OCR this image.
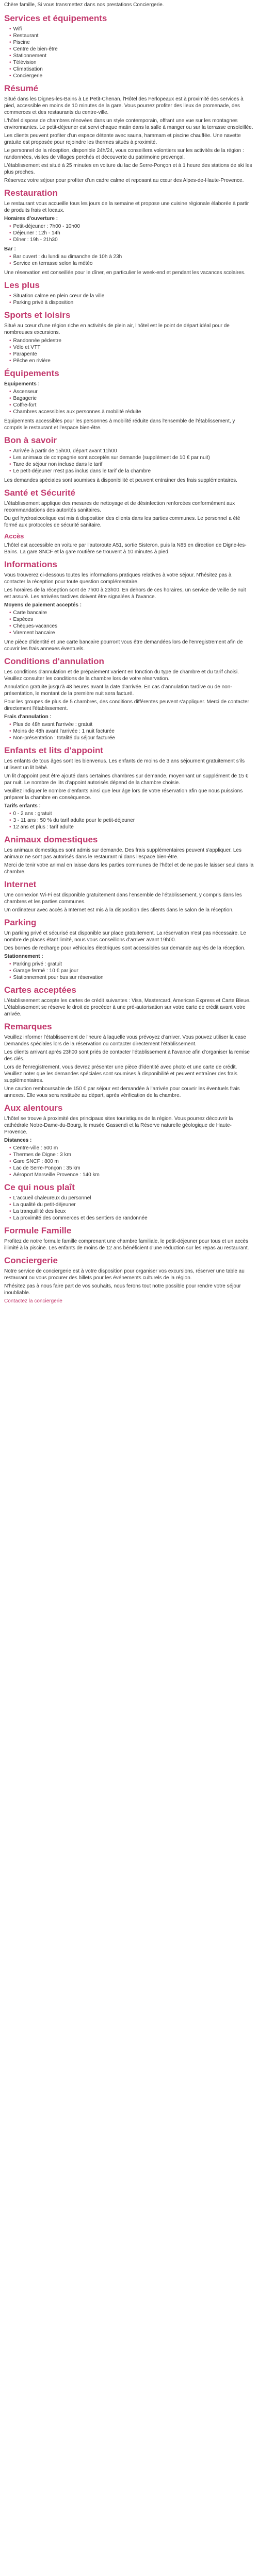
Chère famille, Si vous transmettez dans nos prestations Conciergerie.

Services et équipements
• Wifi
• Restaurant
• Piscine
• Centre de bien-être
• Stationnement
• Télévision
• Climatisation
• Conciergerie
Résumé

Situé dans les Dignes-les-Bains à Le Petit-Chenan, l'Hôtel des Ferlopeaux est à proximité des services à pied, accessible en moins de 10 minutes de la gare. Vous pourrez profiter des lieux de promenade, des commerces et des restaurants du centre-ville.

L'hôtel dispose de chambres rénovées dans un style contemporain, offrant une vue sur les montagnes environnantes. Le petit-déjeuner est servi chaque matin dans la salle à manger ou sur la terrasse ensoleillée.

Les clients peuvent profiter d'un espace détente avec sauna, hammam et piscine chauffée. Une navette gratuite est proposée pour rejoindre les thermes situés à proximité.

Le personnel de la réception, disponible 24h/24, vous conseillera volontiers sur les activités de la région : randonnées, visites de villages perchés et découverte du patrimoine provençal.

L'établissement est situé à 25 minutes en voiture du lac de Serre-Ponçon et à 1 heure des stations de ski les plus proches.

Réservez votre séjour pour profiter d'un cadre calme et reposant au cœur des Alpes-de-Haute-Provence.

Restauration

Le restaurant vous accueille tous les jours de la semaine et propose une cuisine régionale élaborée à partir de produits frais et locaux.

Horaires d'ouverture :
• Petit-déjeuner : 7h00 - 10h00
• Déjeuner : 12h - 14h
• Dîner : 19h - 21h30
Bar :
• Bar ouvert : du lundi au dimanche de 10h à 23h
• Service en terrasse selon la météo

Une réservation est conseillée pour le dîner, en particulier le week-end et pendant les vacances scolaires.

Les plus
• Situation calme en plein cœur de la ville
• Parking privé à disposition
Sports et loisirs

Situé au cœur d'une région riche en activités de plein air, l'hôtel est le point de départ idéal pour de nombreuses excursions.

• Randonnée pédestre
• Vélo et VTT
• Parapente
• Pêche en rivière
Équipements
Équipements :
• Ascenseur
• Bagagerie
• Coffre-fort
• Chambres accessibles aux personnes à mobilité réduite

Équipements accessibles pour les personnes à mobilité réduite dans l'ensemble de l'établissement, y compris le restaurant et l'espace bien-être.

Bon à savoir
• Arrivée à partir de 15h00, départ avant 11h00
• Les animaux de compagnie sont acceptés sur demande (supplément de 10 € par nuit)
• Taxe de séjour non incluse dans le tarif
• Le petit-déjeuner n'est pas inclus dans le tarif de la chambre

Les demandes spéciales sont soumises à disponibilité et peuvent entraîner des frais supplémentaires.

Santé et Sécurité

L'établissement applique des mesures de nettoyage et de désinfection renforcées conformément aux recommandations des autorités sanitaires.

Du gel hydroalcoolique est mis à disposition des clients dans les parties communes. Le personnel a été formé aux protocoles de sécurité sanitaire.

Accès

L'hôtel est accessible en voiture par l'autoroute A51, sortie Sisteron, puis la N85 en direction de Digne-les-Bains. La gare SNCF et la gare routière se trouvent à 10 minutes à pied.

Informations

Vous trouverez ci-dessous toutes les informations pratiques relatives à votre séjour. N'hésitez pas à contacter la réception pour toute question complémentaire.

Les horaires de la réception sont de 7h00 à 23h00. En dehors de ces horaires, un service de veille de nuit est assuré. Les arrivées tardives doivent être signalées à l'avance.

Moyens de paiement acceptés :
• Carte bancaire
• Espèces
• Chèques-vacances
• Virement bancaire

Une pièce d'identité et une carte bancaire pourront vous être demandées lors de l'enregistrement afin de couvrir les frais annexes éventuels.

Conditions d'annulation

Les conditions d'annulation et de prépaiement varient en fonction du type de chambre et du tarif choisi. Veuillez consulter les conditions de la chambre lors de votre réservation.

Annulation gratuite jusqu'à 48 heures avant la date d'arrivée. En cas d'annulation tardive ou de non-présentation, le montant de la première nuit sera facturé.

Pour les groupes de plus de 5 chambres, des conditions différentes peuvent s'appliquer. Merci de contacter directement l'établissement.

Frais d'annulation :
• Plus de 48h avant l'arrivée : gratuit
• Moins de 48h avant l'arrivée : 1 nuit facturée
• Non-présentation : totalité du séjour facturée
Enfants et lits d'appoint

Les enfants de tous âges sont les bienvenus. Les enfants de moins de 3 ans séjournent gratuitement s'ils utilisent un lit bébé.

Un lit d'appoint peut être ajouté dans certaines chambres sur demande, moyennant un supplément de 15 € par nuit. Le nombre de lits d'appoint autorisés dépend de la chambre choisie.

Veuillez indiquer le nombre d'enfants ainsi que leur âge lors de votre réservation afin que nous puissions préparer la chambre en conséquence.

Tarifs enfants :
• 0 - 2 ans : gratuit
• 3 - 11 ans : 50 % du tarif adulte pour le petit-déjeuner
• 12 ans et plus : tarif adulte
Animaux domestiques

Les animaux domestiques sont admis sur demande. Des frais supplémentaires peuvent s'appliquer. Les animaux ne sont pas autorisés dans le restaurant ni dans l'espace bien-être.

Merci de tenir votre animal en laisse dans les parties communes de l'hôtel et de ne pas le laisser seul dans la chambre.

Internet

Une connexion Wi-Fi est disponible gratuitement dans l'ensemble de l'établissement, y compris dans les chambres et les parties communes.

Un ordinateur avec accès à Internet est mis à la disposition des clients dans le salon de la réception.

Parking

Un parking privé et sécurisé est disponible sur place gratuitement. La réservation n'est pas nécessaire. Le nombre de places étant limité, nous vous conseillons d'arriver avant 19h00.

Des bornes de recharge pour véhicules électriques sont accessibles sur demande auprès de la réception.

Stationnement :
• Parking privé : gratuit
• Garage fermé : 10 € par jour
• Stationnement pour bus sur réservation
Cartes acceptées

L'établissement accepte les cartes de crédit suivantes : Visa, Mastercard, American Express et Carte Bleue. L'établissement se réserve le droit de procéder à une pré-autorisation sur votre carte de crédit avant votre arrivée.

Remarques

Veuillez informer l'établissement de l'heure à laquelle vous prévoyez d'arriver. Vous pouvez utiliser la case Demandes spéciales lors de la réservation ou contacter directement l'établissement.

Les clients arrivant après 23h00 sont priés de contacter l'établissement à l'avance afin d'organiser la remise des clés.

Lors de l'enregistrement, vous devrez présenter une pièce d'identité avec photo et une carte de crédit. Veuillez noter que les demandes spéciales sont soumises à disponibilité et peuvent entraîner des frais supplémentaires.

Une caution remboursable de 150 € par séjour est demandée à l'arrivée pour couvrir les éventuels frais annexes. Elle vous sera restituée au départ, après vérification de la chambre.

Aux alentours

L'hôtel se trouve à proximité des principaux sites touristiques de la région. Vous pourrez découvrir la cathédrale Notre-Dame-du-Bourg, le musée Gassendi et la Réserve naturelle géologique de Haute-Provence.

Distances :
• Centre-ville : 500 m
• Thermes de Digne : 3 km
• Gare SNCF : 800 m
• Lac de Serre-Ponçon : 35 km
• Aéroport Marseille Provence : 140 km
Ce qui nous plaît
• L'accueil chaleureux du personnel
• La qualité du petit-déjeuner
• La tranquillité des lieux
• La proximité des commerces et des sentiers de randonnée
Formule Famille

Profitez de notre formule famille comprenant une chambre familiale, le petit-déjeuner pour tous et un accès illimité à la piscine. Les enfants de moins de 12 ans bénéficient d'une réduction sur les repas au restaurant.

Conciergerie

Notre service de conciergerie est à votre disposition pour organiser vos excursions, réserver une table au restaurant ou vous procurer des billets pour les événements culturels de la région.

N'hésitez pas à nous faire part de vos souhaits, nous ferons tout notre possible pour rendre votre séjour inoubliable.

Contactez la conciergerie
